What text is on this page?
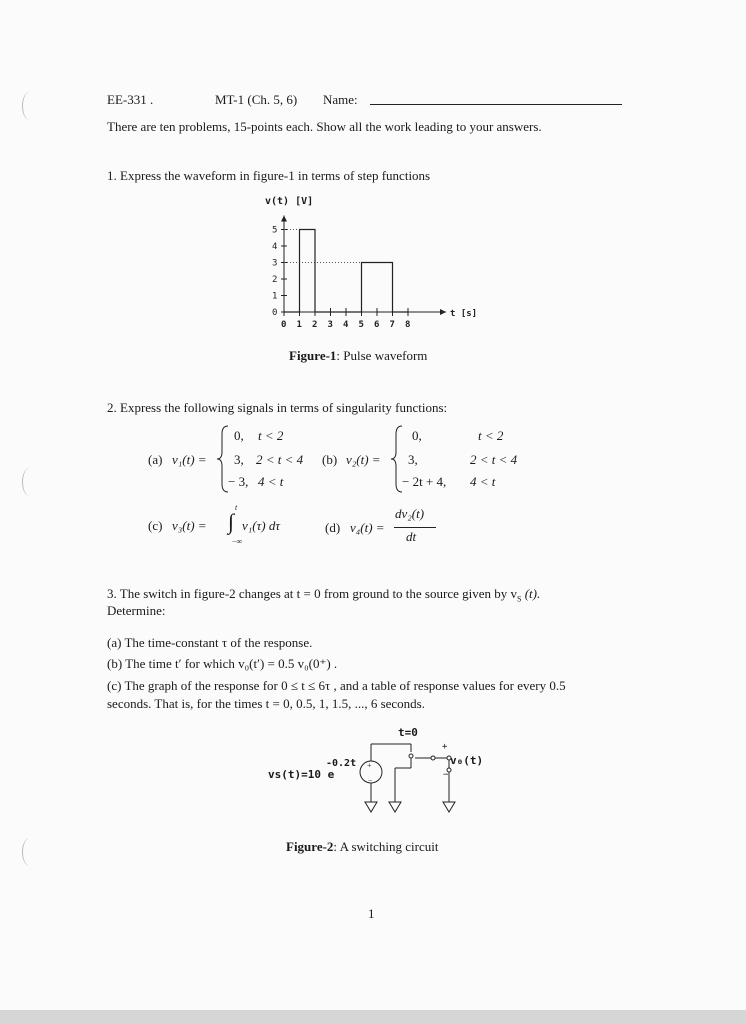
EE-331 .	MT-1 (Ch. 5, 6) Name:
There are ten problems, 15-points each. Show all the work leading to your answers.
1. Express the waveform in figure-1 in terms of step functions
v(t) [V]
5
4
3
2
1
0
0 1 2 3 4 5 6 7 8
t [s]
Figure-1: Pulse waveform
2. Express the following signals in terms of singularity functions:
(a) v₁(t) =
0, t < 2
3, 2 < t < 4
− 3, 4 < t
(b) v₂(t) =
0,	t < 2
3,	2 < t < 4
− 2t + 4, 4 < t
(c) v₃(t) = ∫
t
−∞
v₁(τ) dτ	(d) v₄(t) =
dv₂(t)
dt
3. The switch in figure-2 changes at t = 0 from ground to the source given by $v_S$ (t).
Determine:
(a) The time-constant τ of the response.
(b) The time t′ for which v₀(t′) = 0.5 v₀(0⁺) .
(c) The graph of the response for 0 ≤ t ≤ 6τ , and a table of response values for every 0.5
seconds. That is, for the times t = 0, 0.5, 1, 1.5, ..., 6 seconds.
vs(t)=10 e
-0.2t
t=0
v₀(t)
+
−
+
−
Figure-2: A switching circuit
1
